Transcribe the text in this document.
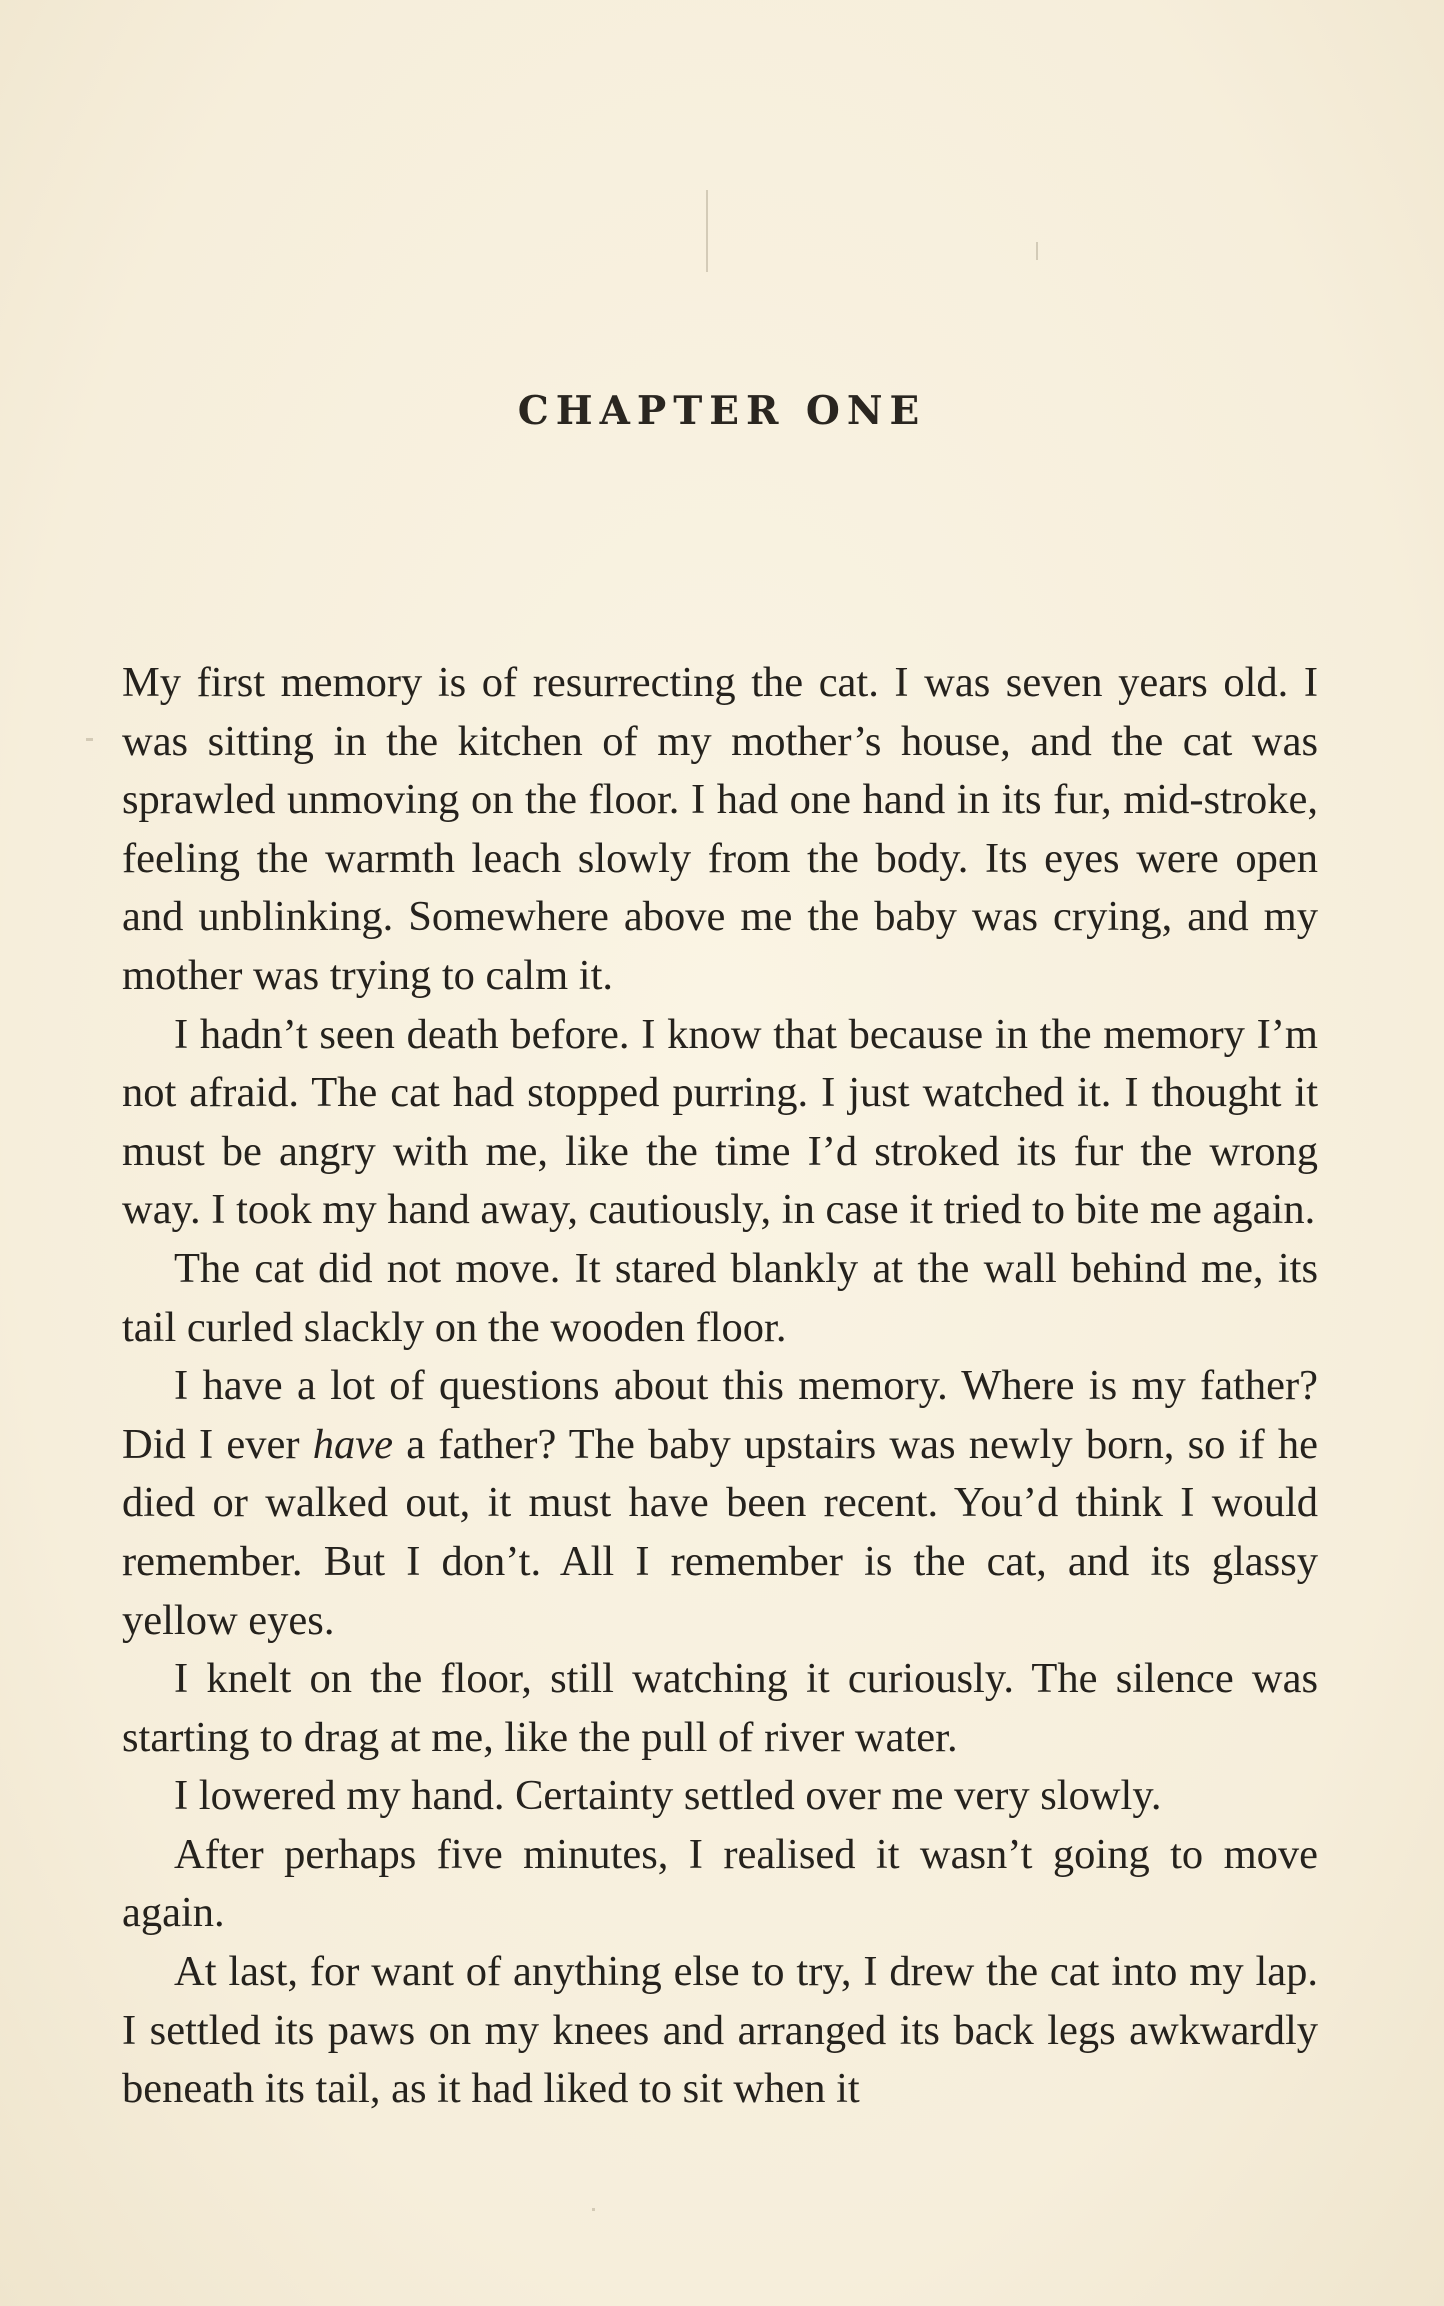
CHAPTER ONE

My first memory is of resurrecting the cat. I was seven years old. I was sitting in the kitchen of my mother’s house, and the cat was sprawled unmoving on the floor. I had one hand in its fur, mid-stroke, feeling the warmth leach slowly from the body. Its eyes were open and unblinking. Somewhere above me the baby was crying, and my mother was trying to calm it.

I hadn’t seen death before. I know that because in the memory I’m not afraid. The cat had stopped purring. I just watched it. I thought it must be angry with me, like the time I’d stroked its fur the wrong way. I took my hand away, cautiously, in case it tried to bite me again.

The cat did not move. It stared blankly at the wall behind me, its tail curled slackly on the wooden floor.

I have a lot of questions about this memory. Where is my father? Did I ever have a father? The baby upstairs was newly born, so if he died or walked out, it must have been recent. You’d think I would remember. But I don’t. All I remember is the cat, and its glassy yellow eyes.

I knelt on the floor, still watching it curiously. The silence was starting to drag at me, like the pull of river water.

I lowered my hand. Certainty settled over me very slowly.

After perhaps five minutes, I realised it wasn’t going to move again.

At last, for want of anything else to try, I drew the cat into my lap. I settled its paws on my knees and arranged its back legs awkwardly beneath its tail, as it had liked to sit when it
